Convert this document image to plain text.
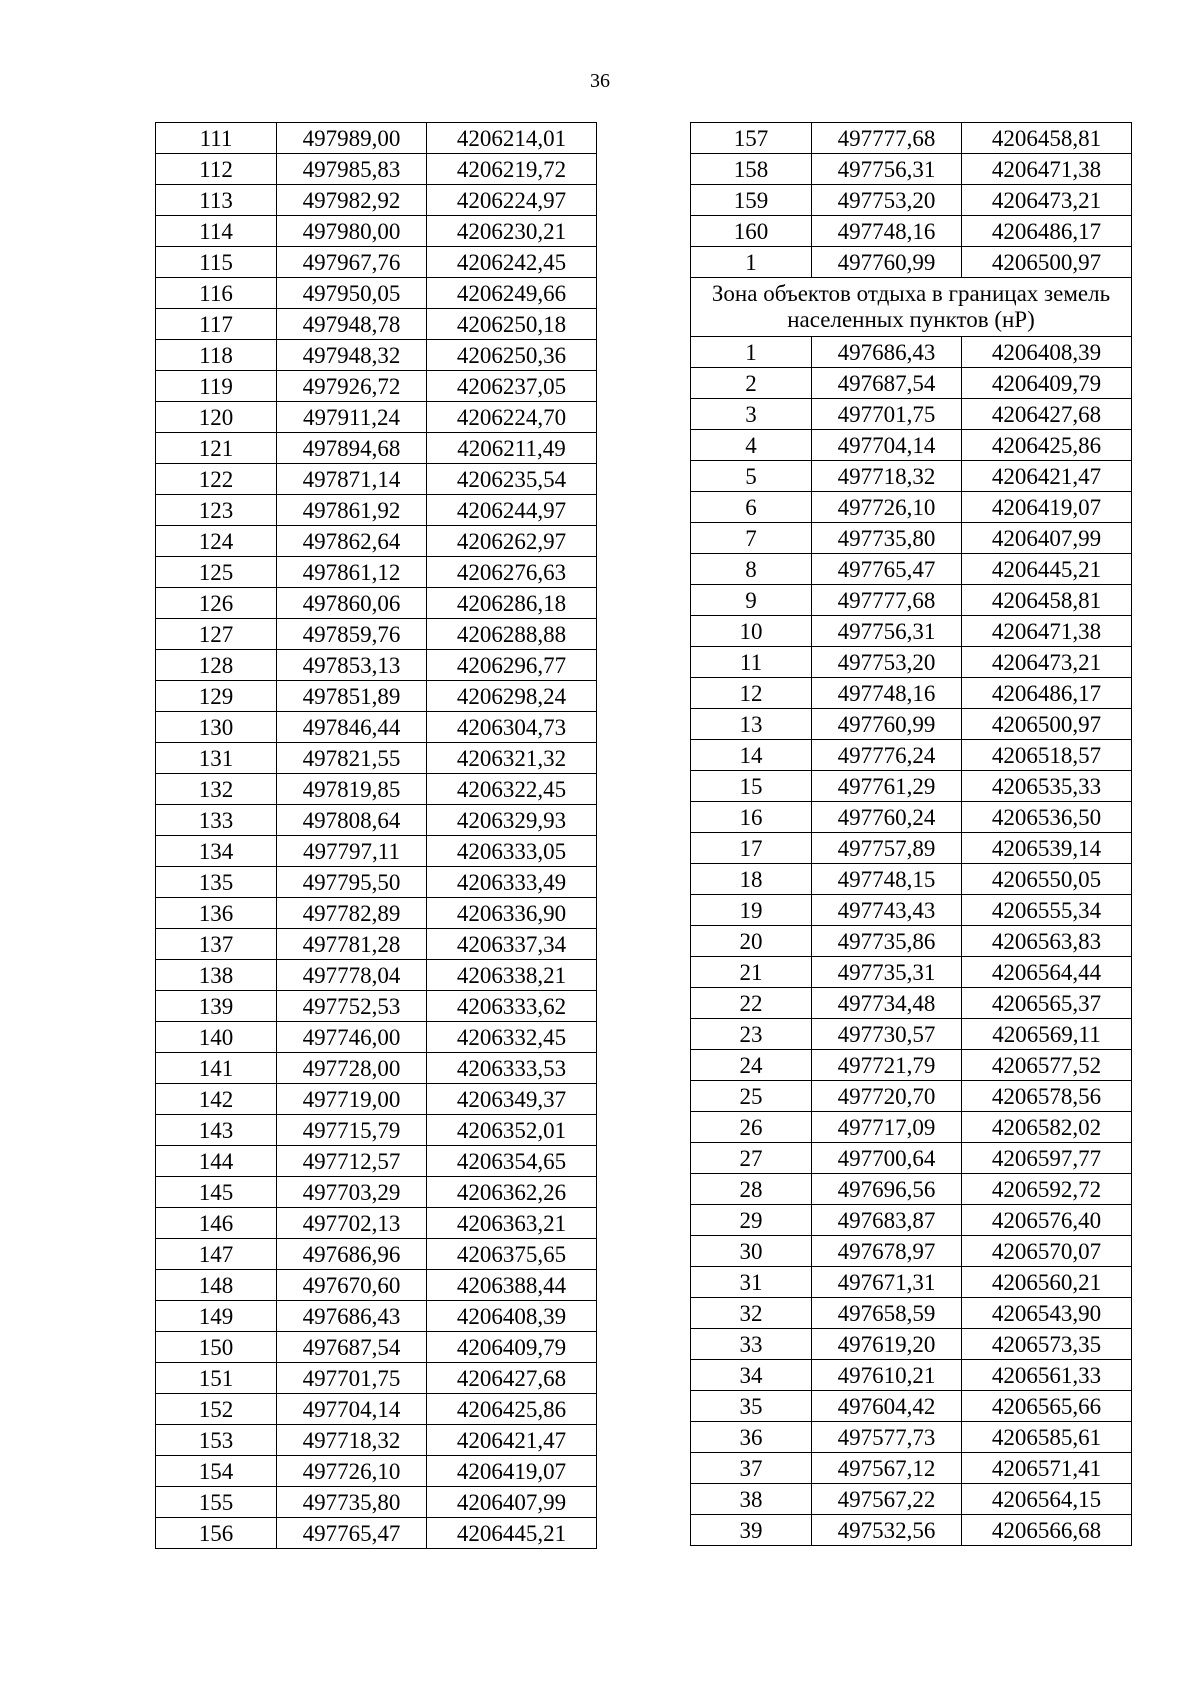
36
111	497989,00	4206214,01
112	497985,83	4206219,72
113	497982,92	4206224,97
114	497980,00	4206230,21
115	497967,76	4206242,45
116	497950,05	4206249,66
117	497948,78	4206250,18
118	497948,32	4206250,36
119	497926,72	4206237,05
120	497911,24	4206224,70
121	497894,68	4206211,49
122	497871,14	4206235,54
123	497861,92	4206244,97
124	497862,64	4206262,97
125	497861,12	4206276,63
126	497860,06	4206286,18
127	497859,76	4206288,88
128	497853,13	4206296,77
129	497851,89	4206298,24
130	497846,44	4206304,73
131	497821,55	4206321,32
132	497819,85	4206322,45
133	497808,64	4206329,93
134	497797,11	4206333,05
135	497795,50	4206333,49
136	497782,89	4206336,90
137	497781,28	4206337,34
138	497778,04	4206338,21
139	497752,53	4206333,62
140	497746,00	4206332,45
141	497728,00	4206333,53
142	497719,00	4206349,37
143	497715,79	4206352,01
144	497712,57	4206354,65
145	497703,29	4206362,26
146	497702,13	4206363,21
147	497686,96	4206375,65
148	497670,60	4206388,44
149	497686,43	4206408,39
150	497687,54	4206409,79
151	497701,75	4206427,68
152	497704,14	4206425,86
153	497718,32	4206421,47
154	497726,10	4206419,07
155	497735,80	4206407,99
156	497765,47	4206445,21
157	497777,68	4206458,81
158	497756,31	4206471,38
159	497753,20	4206473,21
160	497748,16	4206486,17
1	497760,99	4206500,97
Зона объектов отдыха в границах земель населенных пунктов (нР)		
1	497686,43	4206408,39
2	497687,54	4206409,79
3	497701,75	4206427,68
4	497704,14	4206425,86
5	497718,32	4206421,47
6	497726,10	4206419,07
7	497735,80	4206407,99
8	497765,47	4206445,21
9	497777,68	4206458,81
10	497756,31	4206471,38
11	497753,20	4206473,21
12	497748,16	4206486,17
13	497760,99	4206500,97
14	497776,24	4206518,57
15	497761,29	4206535,33
16	497760,24	4206536,50
17	497757,89	4206539,14
18	497748,15	4206550,05
19	497743,43	4206555,34
20	497735,86	4206563,83
21	497735,31	4206564,44
22	497734,48	4206565,37
23	497730,57	4206569,11
24	497721,79	4206577,52
25	497720,70	4206578,56
26	497717,09	4206582,02
27	497700,64	4206597,77
28	497696,56	4206592,72
29	497683,87	4206576,40
30	497678,97	4206570,07
31	497671,31	4206560,21
32	497658,59	4206543,90
33	497619,20	4206573,35
34	497610,21	4206561,33
35	497604,42	4206565,66
36	497577,73	4206585,61
37	497567,12	4206571,41
38	497567,22	4206564,15
39	497532,56	4206566,68
